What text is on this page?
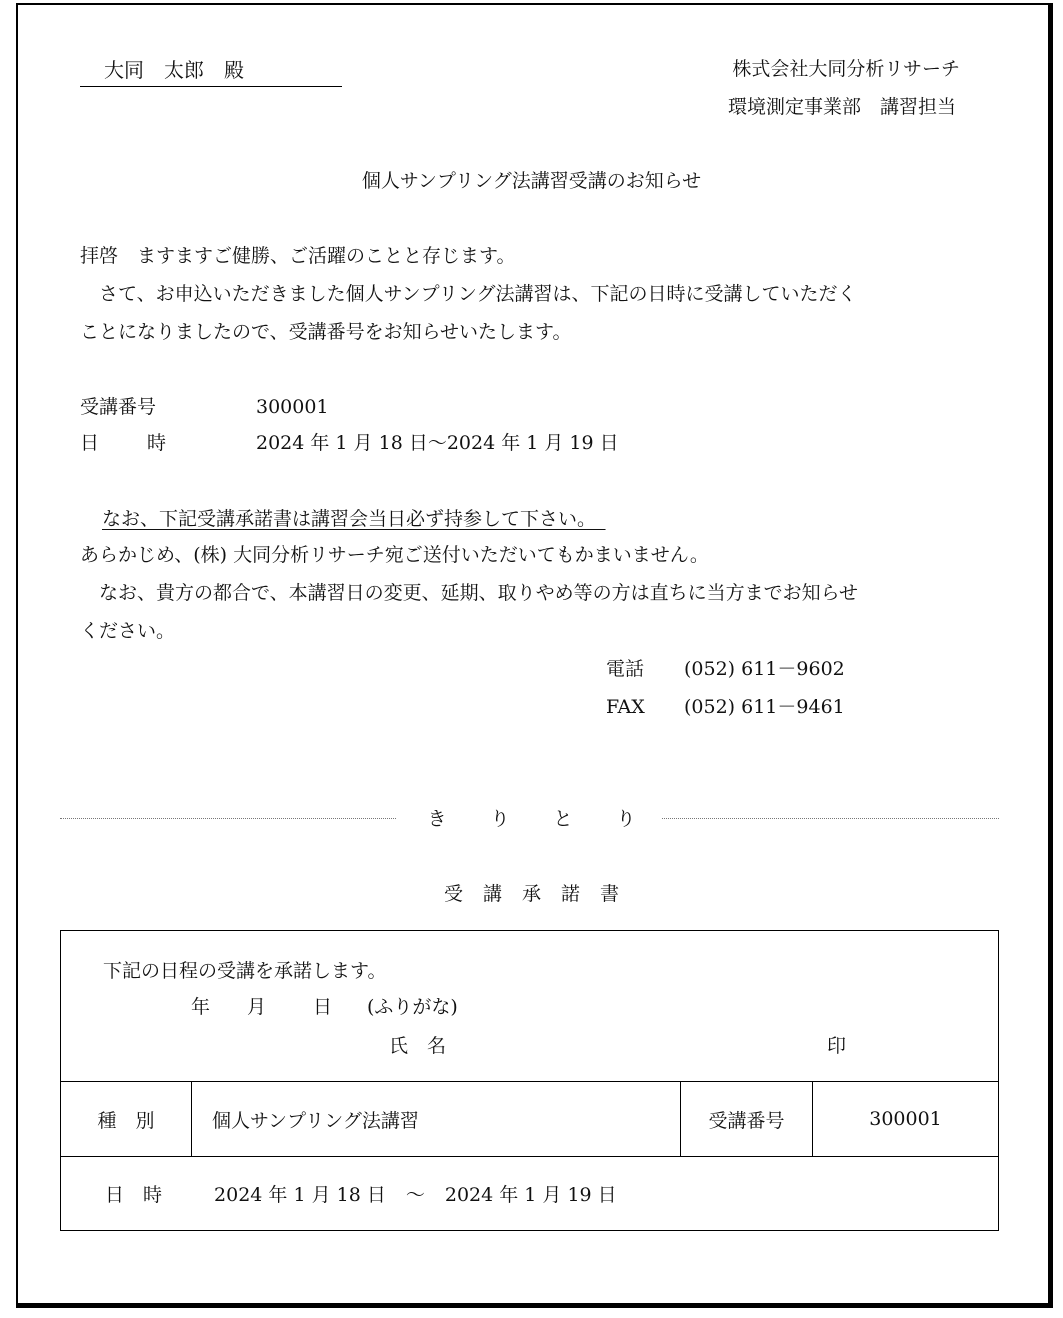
大同　太郎　殿	株式会社大同分析リサーチ
環境測定事業部　講習担当
個人サンプリング法講習受講のお知らせ
拝啓　ますますご健勝、ご活躍のことと存じます。
　さて、お申込いただきました個人サンプリング法講習は、下記の日時に受講していただく
ことになりましたので、受講番号をお知らせいたします。
受講番号	300001
日	時	2024 年 1 月 18 日～2024 年 1 月 19 日
なお、下記受講承諾書は講習会当日必ず持参して下さい。　
あらかじめ、(株) 大同分析リサーチ宛ご送付いただいてもかまいません。
　なお、貴方の都合で、本講習日の変更、延期、取りやめ等の方は直ちに当方までお知らせ
ください。
電話 (052) 611－9602
FAX (052) 611－9461
き り と り
受 講 承 諾 書
下記の日程の受講を承諾します。
年 月 日 (ふりがな)
氏　名	印

種　別	個人サンプリング法講習	受講番号	300001
日　時	2024 年 1 月 18 日 ～ 2024 年 1 月 19 日
